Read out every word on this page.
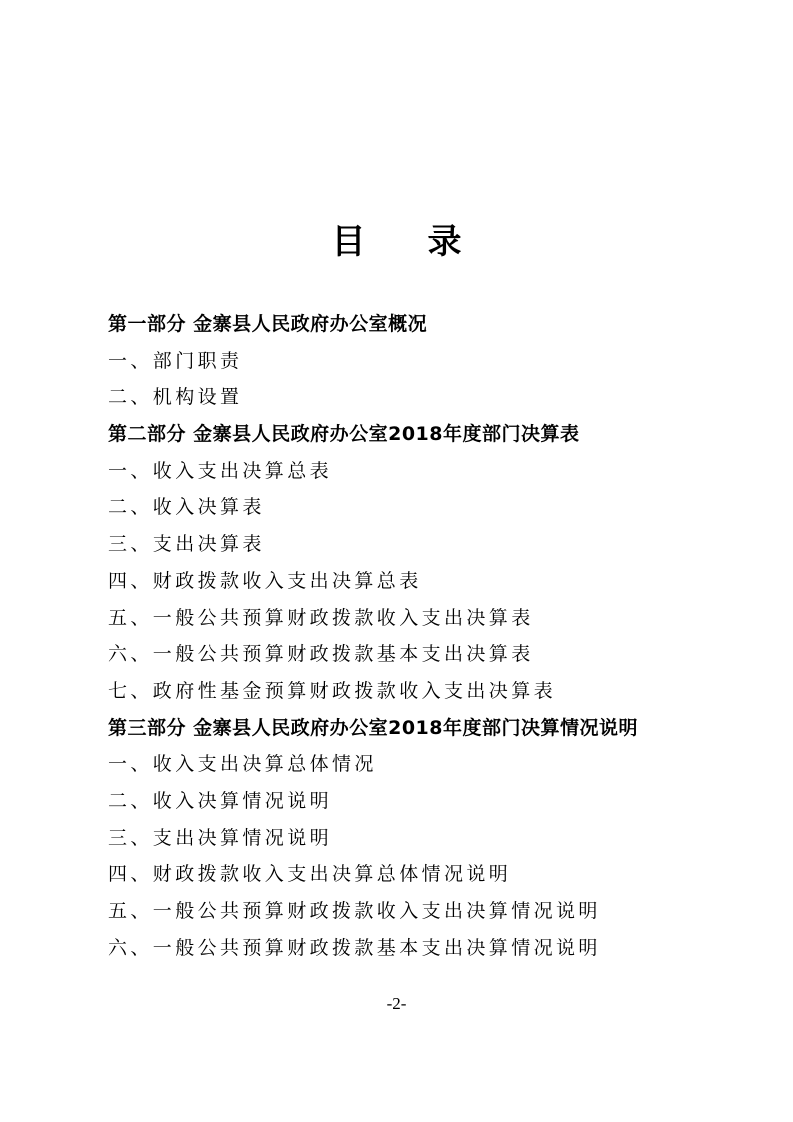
目录
第一部分 金寨县人民政府办公室概况
一、部门职责
二、机构设置
第二部分 金寨县人民政府办公室2018年度部门决算表
一、收入支出决算总表
二、收入决算表
三、支出决算表
四、财政拨款收入支出决算总表
五、一般公共预算财政拨款收入支出决算表
六、一般公共预算财政拨款基本支出决算表
七、政府性基金预算财政拨款收入支出决算表
第三部分 金寨县人民政府办公室2018年度部门决算情况说明
一、收入支出决算总体情况
二、收入决算情况说明
三、支出决算情况说明
四、财政拨款收入支出决算总体情况说明
五、一般公共预算财政拨款收入支出决算情况说明
六、一般公共预算财政拨款基本支出决算情况说明
-2-
